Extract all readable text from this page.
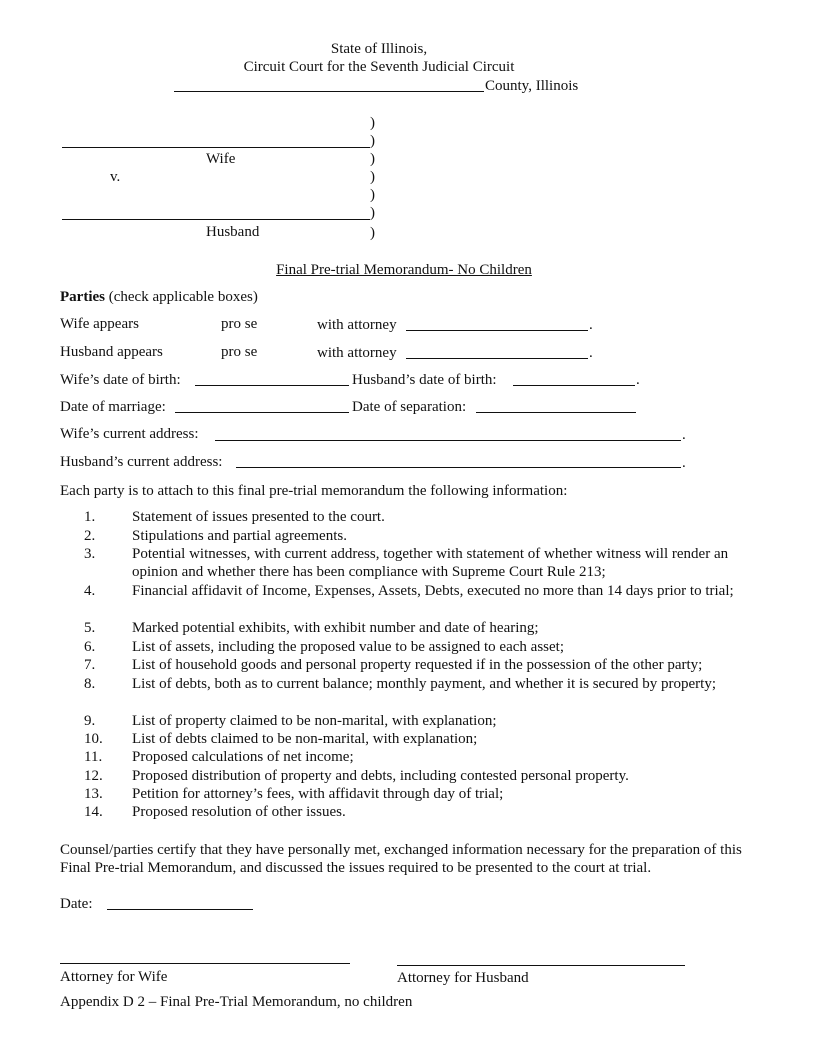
State of Illinois,
Circuit Court for the Seventh Judicial Circuit
County, Illinois
Wife
v.
Husband
)
)
)
)
)
)
)
Final Pre-trial Memorandum- No Children
Parties (check applicable boxes)
Wife appears	pro se	with attorney	.
Husband appears	pro se	with attorney	.
Wife’s date of birth:	Husband’s date of birth:	.
Date of marriage:	Date of separation:
Wife’s current address:	.
Husband’s current address:	.
Each party is to attach to this final pre-trial memorandum the following information:
1.	Statement of issues presented to the court.
2.	Stipulations and partial agreements.
3.	Potential witnesses, with current address, together with statement of whether witness will render an opinion and whether there has been compliance with Supreme Court Rule 213;
4.	Financial affidavit of Income, Expenses, Assets, Debts, executed no more than 14 days prior to trial;
5.	Marked potential exhibits, with exhibit number and date of hearing;
6.	List of assets, including the proposed value to be assigned to each asset;
7.	List of household goods and personal property requested if in the possession of the other party;
8.	List of debts, both as to current balance; monthly payment, and whether it is secured by property;
9.	List of property claimed to be non-marital, with explanation;
10.	List of debts claimed to be non-marital, with explanation;
11.	Proposed calculations of net income;
12.	Proposed distribution of property and debts, including contested personal property.
13.	Petition for attorney’s fees, with affidavit through day of trial;
14.	Proposed resolution of other issues.
Counsel/parties certify that they have personally met, exchanged information necessary for the preparation of this Final Pre-trial Memorandum, and discussed the issues required to be presented to the court at trial.
Date:
Attorney for Wife	Attorney for Husband
Appendix D 2 – Final Pre-Trial Memorandum, no children
